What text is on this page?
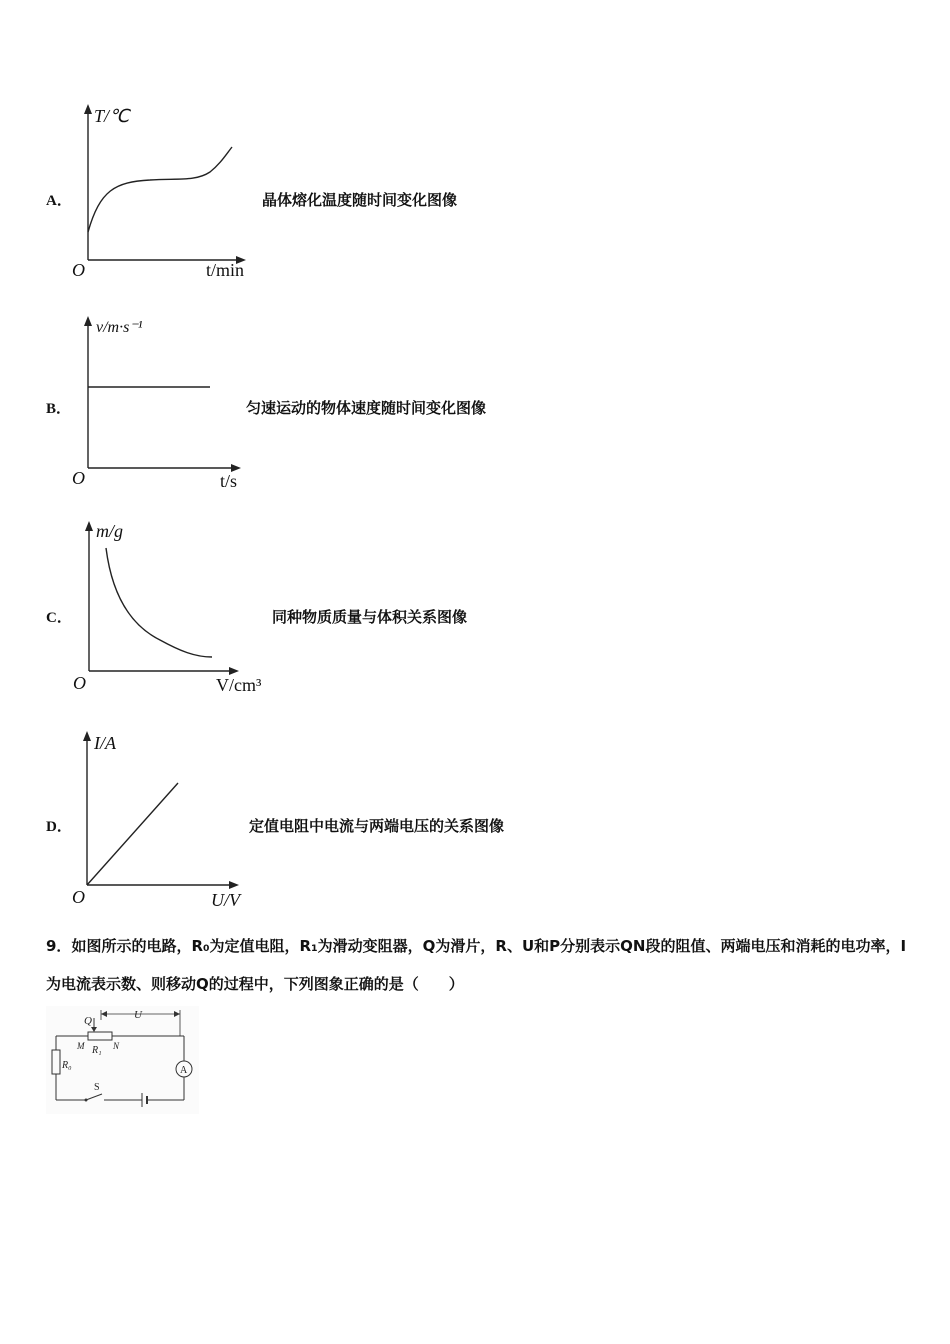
A．
T/℃
O	t/min
晶体熔化温度随时间变化图像
B．
v/m·s⁻¹
O	t/s
匀速运动的物体速度随时间变化图像
C．
m/g
O	V/cm³
同种物质质量与体积关系图像
D．
I/A
O	U/V
定值电阻中电流与两端电压的关系图像
9．如图所示的电路，R₀为定值电阻，R₁为滑动变阻器，Q为滑片，R、U和P分别表示QN段的阻值、两端电压和消耗的电功率，I为电流表示数、则移动Q的过程中，下列图象正确的是（　　）
Q	U
M R₁ N
R₀	A
S
